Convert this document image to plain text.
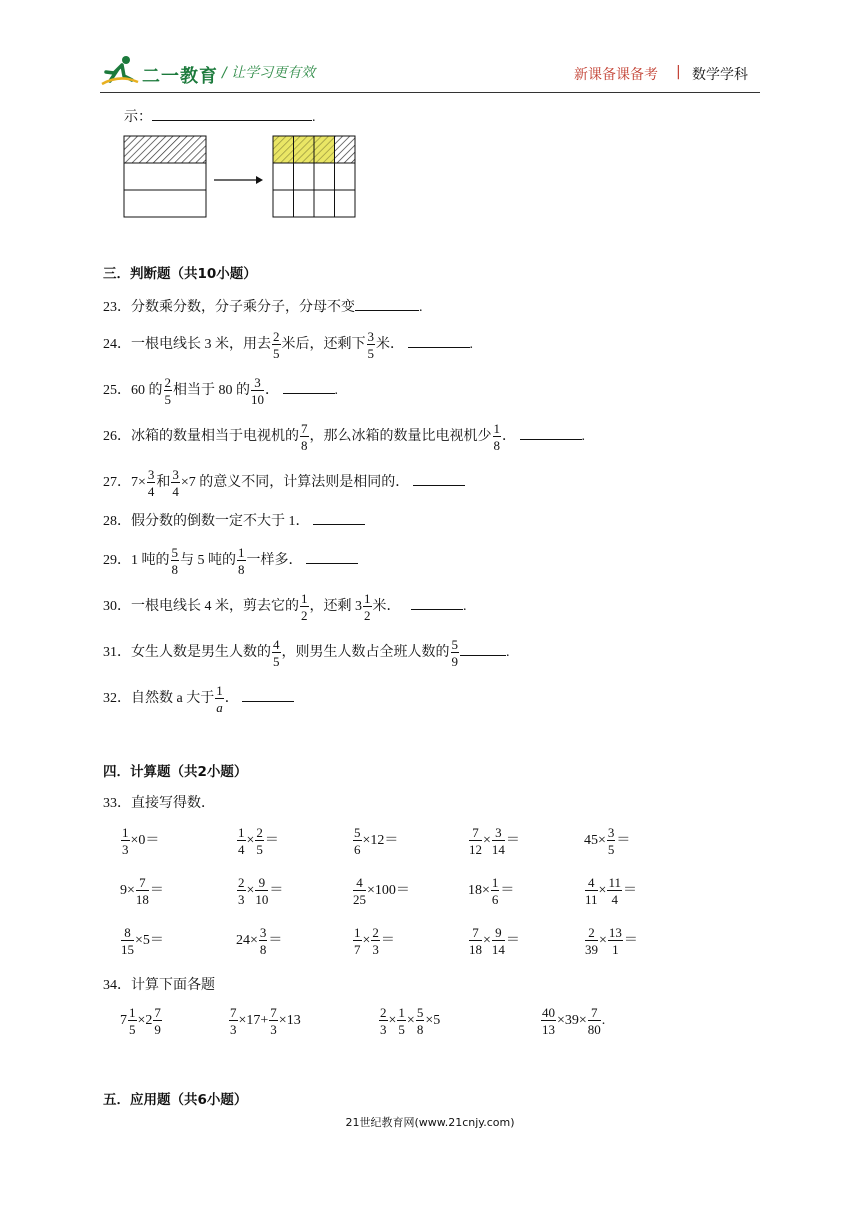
二一教育 / 让学习更有效	新课备课备考 | 数学学科
示：	.
三．判断题（共10小题）
23．分数乘分数，分子乘分子，分母不变	.
24．一根电线长 3 米，用去 $\frac{2}{5}$ 米后，还剩下 $\frac{3}{5}$ 米．	.
25．60 的 $\frac{2}{5}$ 相当于 80 的 $\frac{3}{10}$ ．	.
26．冰箱的数量相当于电视机的 $\frac{7}{8}$ ，那么冰箱的数量比电视机少 $\frac{1}{8}$ ．	.
27．$7\times \frac{3}{4}$ 和 $\frac{3}{4} \times 7$ 的意义不同，计算法则是相同的．
28．假分数的倒数一定不大于 1．
29．1 吨的 $\frac{5}{8}$ 与 5 吨的 $\frac{1}{8}$ 一样多．
30．一根电线长 4 米，剪去它的 $\frac{1}{2}$ ，还剩 $3 \frac{1}{2}$ 米．	.
31．女生人数是男生人数的 $\frac{4}{5}$ ，则男生人数占全班人数的 $\frac{5}{9}$	.
32．自然数 a 大于 $\frac{1}{a}$ ．
四．计算题（共2小题）
33．直接写得数．
$\frac{1}{3} \times 0=$	$\frac{1}{4} \times \frac{2}{5}$ ＝	$\frac{5}{6} \times 12=$	$\frac{7}{12} \times \frac{3}{14}$ ＝	$45\times \frac{3}{5}$ ＝
$9\times \frac{7}{18}$ ＝	$\frac{2}{3} \times \frac{9}{10}$ ＝	$\frac{4}{25} \times 100=$	$18\times \frac{1}{6}$ ＝	$\frac{4}{11} \times \frac{11}{4}$ ＝
$\frac{8}{15} \times 5=$	$24\times \frac{3}{8}$ ＝	$\frac{1}{7} \times \frac{2}{3}$ ＝	$\frac{7}{18} \times \frac{9}{14}$ ＝	$\frac{2}{39} \times \frac{13}{1}$ ＝
34．计算下面各题
$7 \frac{1}{5} \times 2 \frac{7}{9}$	$\frac{7}{3} \times 17+ \frac{7}{3} \times 13$	$\frac{2}{3} \times \frac{1}{5} \times \frac{5}{8} \times 5$	$\frac{40}{13} \times 39\times \frac{7}{80}$ .
五．应用题（共6小题）
21世纪教育网(www.21cnjy.com)
